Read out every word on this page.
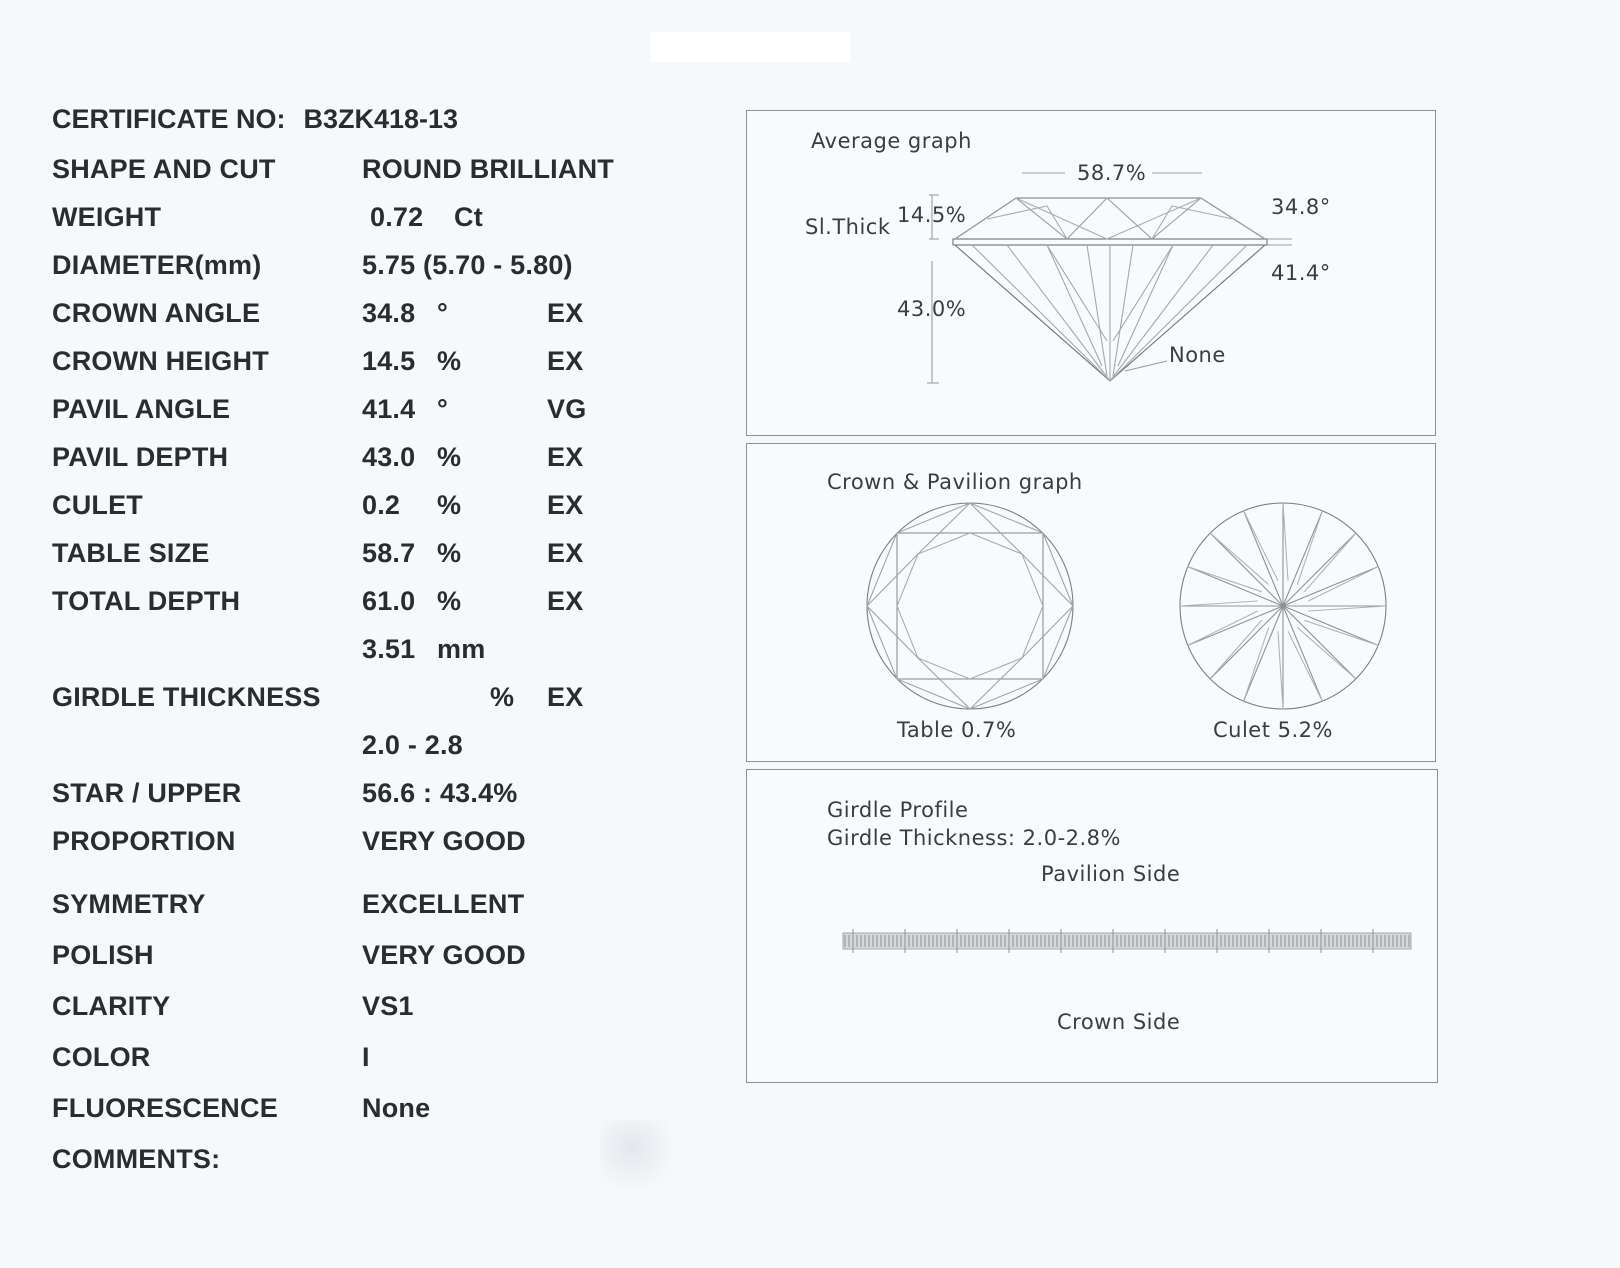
CERTIFICATE NO: B3ZK418-13
SHAPE AND CUT	ROUND BRILLIANT
WEIGHT	0.72 Ct
DIAMETER(mm)	5.75 (5.70 - 5.80)
CROWN ANGLE	34.8 °	EX
CROWN HEIGHT	14.5 %	EX
PAVIL ANGLE	41.4 °	VG
PAVIL DEPTH	43.0 %	EX
CULET	0.2 %	EX
TABLE SIZE	58.7 %	EX
TOTAL DEPTH	61.0 %	EX
3.51 mm
GIRDLE THICKNESS	% EX
2.0 - 2.8
STAR / UPPER	56.6 : 43.4%
PROPORTION	VERY GOOD
SYMMETRY	EXCELLENT
POLISH	VERY GOOD
CLARITY	VS1
COLOR	I
FLUORESCENCE	None
COMMENTS:
Average graph
58.7%
Sl.Thick 14.5%	34.8°
41.4°
43.0%
None
Crown & Pavilion graph
Table 0.7%	Culet 5.2%
Girdle Profile
Girdle Thickness: 2.0-2.8%
Pavilion Side
Crown Side
